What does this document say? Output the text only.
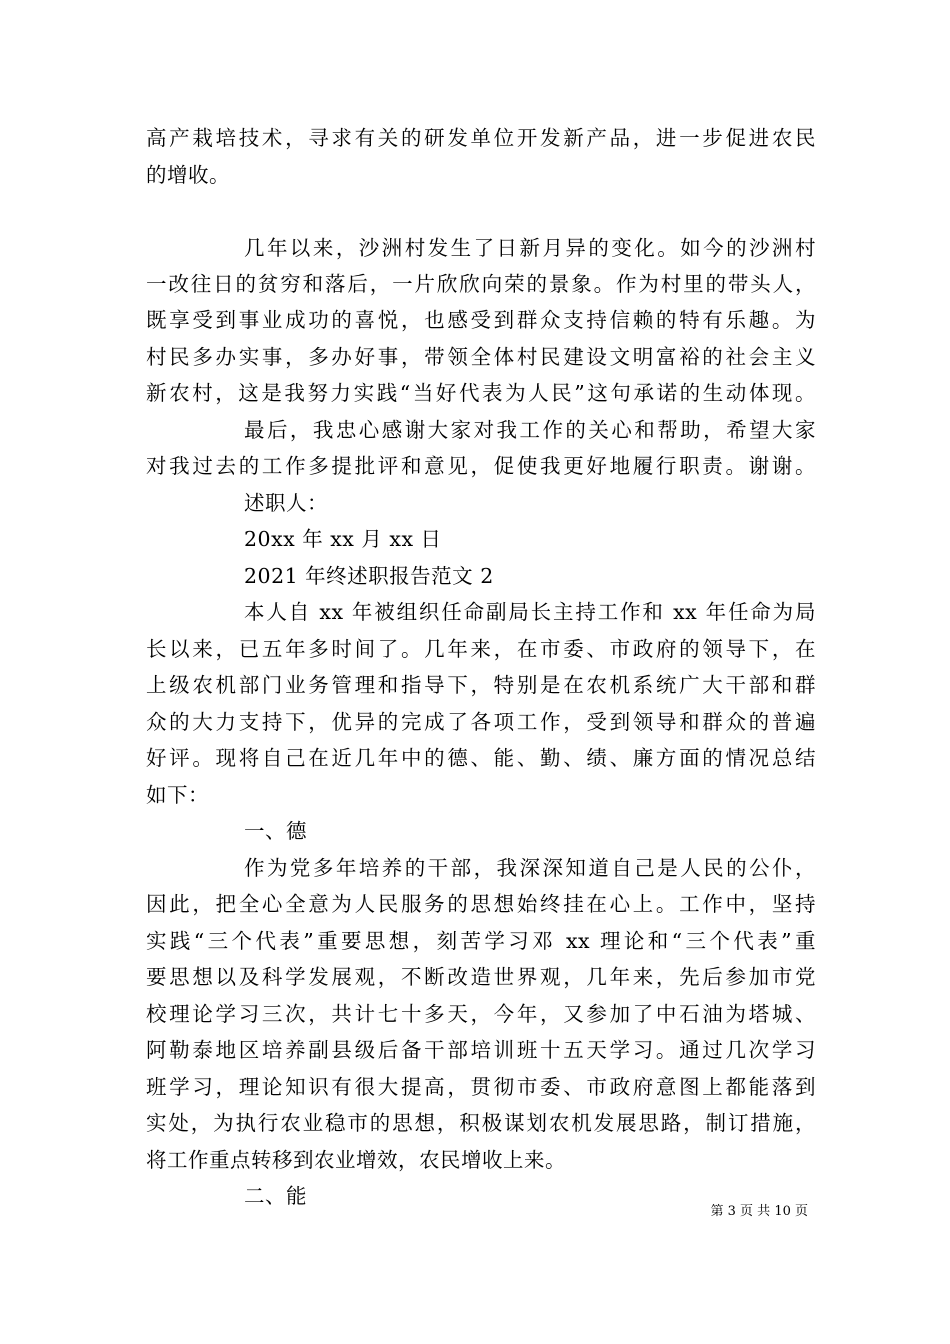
高产栽培技术，寻求有关的研发单位开发新产品，进一步促进农民
的增收。
几年以来，沙洲村发生了日新月异的变化。如今的沙洲村
一改往日的贫穷和落后，一片欣欣向荣的景象。作为村里的带头人，
既享受到事业成功的喜悦，也感受到群众支持信赖的特有乐趣。为
村民多办实事，多办好事，带领全体村民建设文明富裕的社会主义
新农村，这是我努力实践“当好代表为人民”这句承诺的生动体现。
最后，我忠心感谢大家对我工作的关心和帮助，希望大家
对我过去的工作多提批评和意见，促使我更好地履行职责。谢谢。
述职人：
20xx 年 xx 月 xx 日
2021 年终述职报告范文 2
本人自 xx 年被组织任命副局长主持工作和 xx 年任命为局
长以来，已五年多时间了。几年来，在市委、市政府的领导下，在
上级农机部门业务管理和指导下，特别是在农机系统广大干部和群
众的大力支持下，优异的完成了各项工作，受到领导和群众的普遍
好评。现将自己在近几年中的德、能、勤、绩、廉方面的情况总结
如下：
一、德
作为党多年培养的干部，我深深知道自己是人民的公仆，
因此，把全心全意为人民服务的思想始终挂在心上。工作中，坚持
实践“三个代表”重要思想，刻苦学习邓 xx 理论和“三个代表”重
要思想以及科学发展观，不断改造世界观，几年来，先后参加市党
校理论学习三次，共计七十多天，今年，又参加了中石油为塔城、
阿勒泰地区培养副县级后备干部培训班十五天学习。通过几次学习
班学习，理论知识有很大提高，贯彻市委、市政府意图上都能落到
实处，为执行农业稳市的思想，积极谋划农机发展思路，制订措施，
将工作重点转移到农业增效，农民增收上来。
二、能
第 3 页 共 10 页
